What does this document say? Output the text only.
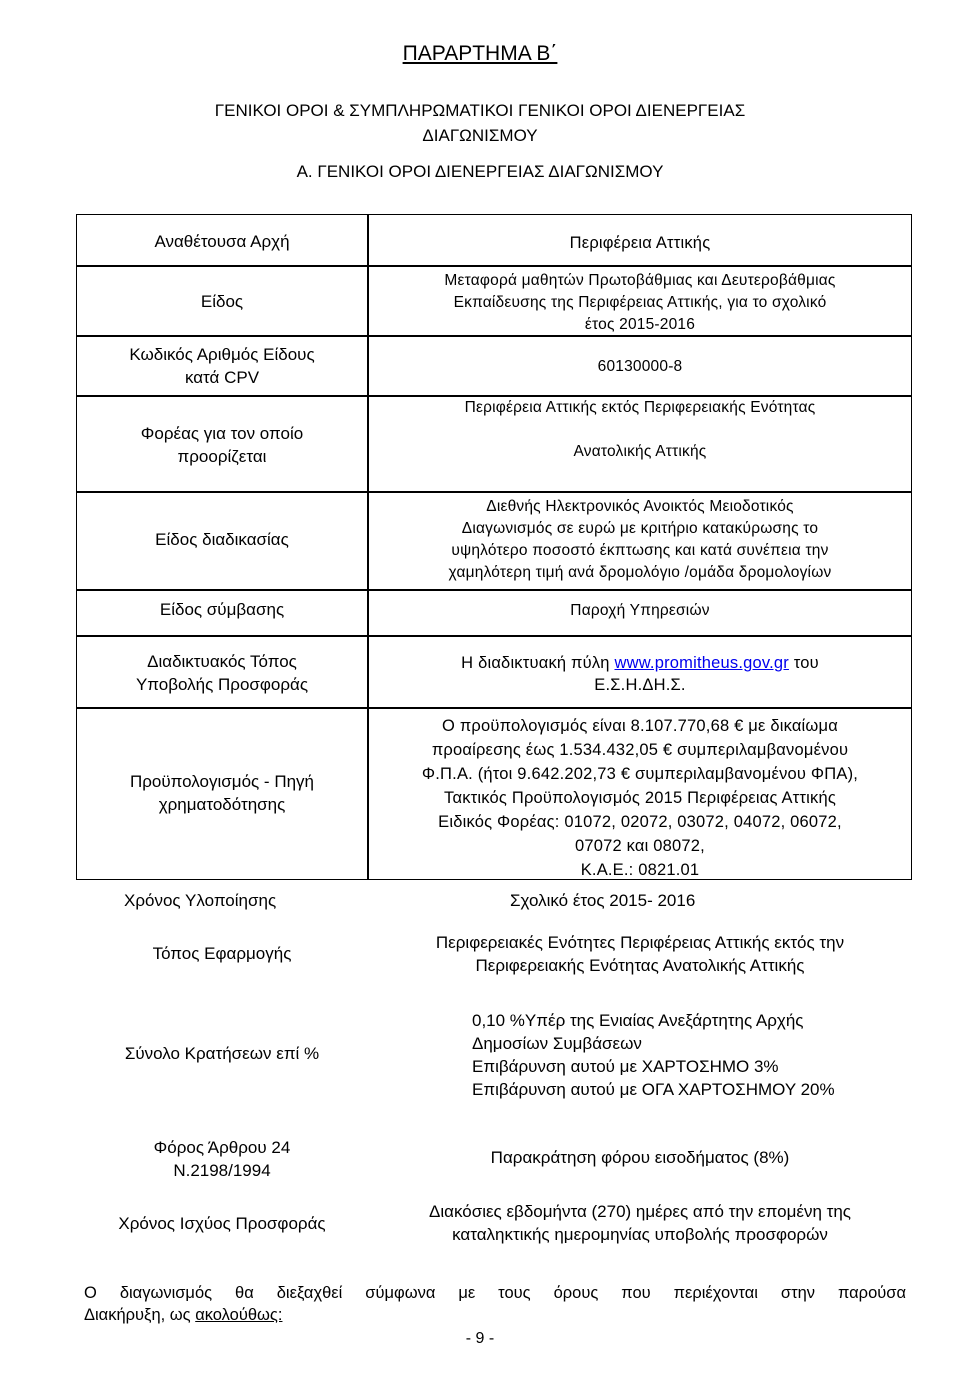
ΠΑΡΑΡΤΗΜΑ Β΄
ΓΕΝΙΚΟΙ ΟΡΟΙ & ΣΥΜΠΛΗΡΩΜΑΤΙΚΟΙ ΓΕΝΙΚΟΙ ΟΡΟΙ ΔΙΕΝΕΡΓΕΙΑΣ
ΔΙΑΓΩΝΙΣΜΟΥ
Α. ΓΕΝΙΚΟΙ ΟΡΟΙ ΔΙΕΝΕΡΓΕΙΑΣ ΔΙΑΓΩΝΙΣΜΟΥ
Αναθέτουσα Αρχή
Είδος
Κωδικός Αριθμός Είδους
κατά CPV
Φορέας για τον οποίο
προορίζεται
Είδος διαδικασίας
Είδος σύμβασης
Διαδικτυακός Τόπος
Υποβολής Προσφοράς
Προϋπολογισμός - Πηγή
χρηματοδότησης
Περιφέρεια Αττικής
Μεταφορά μαθητών Πρωτοβάθμιας και Δευτεροβάθμιας
Εκπαίδευσης της Περιφέρειας Αττικής, για το σχολικό
έτος 2015-2016
60130000-8
Περιφέρεια Αττικής εκτός Περιφερειακής Ενότητας
Ανατολικής Αττικής
Διεθνής Ηλεκτρονικός Ανοικτός Μειοδοτικός
Διαγωνισμός σε ευρώ με κριτήριο κατακύρωσης το
υψηλότερο ποσοστό έκπτωσης και κατά συνέπεια την
χαμηλότερη τιμή ανά δρομολόγιο /ομάδα δρομολογίων
Παροχή Υπηρεσιών
Η διαδικτυακή πύλη www.promitheus.gov.gr του
Ε.Σ.Η.ΔΗ.Σ.
Ο προϋπολογισμός είναι 8.107.770,68 € με δικαίωμα
προαίρεσης έως 1.534.432,05 € συμπεριλαμβανομένου
Φ.Π.Α. (ήτοι 9.642.202,73 € συμπεριλαμβανομένου ΦΠΑ),
Τακτικός Προϋπολογισμός 2015 Περιφέρειας Αττικής
Ειδικός Φορέας: 01072, 02072, 03072, 04072, 06072,
07072 και 08072,
Κ.Α.Ε.: 0821.01
Χρόνος Υλοποίησης	Σχολικό έτος 2015- 2016
Τόπος Εφαρμογής
Περιφερειακές Ενότητες Περιφέρειας Αττικής εκτός την
Περιφερειακής Ενότητας Ανατολικής Αττικής
Σύνολο Κρατήσεων επί %
0,10 %Υπέρ της Ενιαίας Ανεξάρτητης Αρχής
Δημοσίων Συμβάσεων
Επιβάρυνση αυτού με ΧΑΡΤΟΣΗΜΟ 3%
Επιβάρυνση αυτού με ΟΓΑ ΧΑΡΤΟΣΗΜΟΥ 20%
Φόρος Άρθρου 24
Ν.2198/1994
Παρακράτηση φόρου εισοδήματος (8%)
Χρόνος Ισχύος Προσφοράς
Διακόσιες εβδομήντα (270) ημέρες από την επομένη της
καταληκτικής ημερομηνίας υποβολής προσφορών
Ο διαγωνισμός θα διεξαχθεί σύμφωνα με τους όρους που περιέχονται στην παρούσα
Διακήρυξη, ως ακολούθως:
- 9 -
